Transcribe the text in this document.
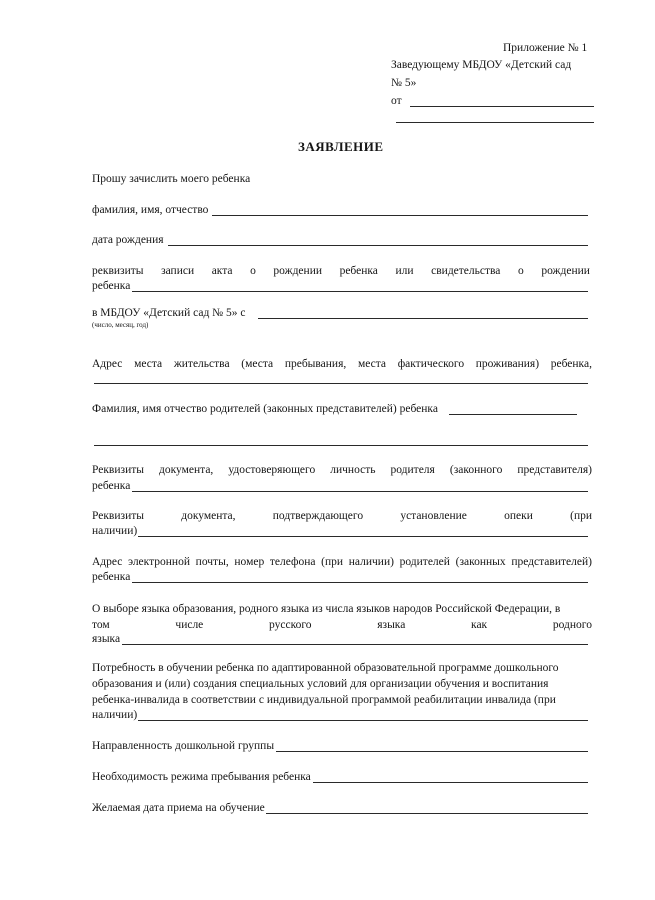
Приложение № 1
Заведующему МБДОУ «Детский сад
№ 5»
от
ЗАЯВЛЕНИЕ
Прошу зачислить моего ребенка
фамилия, имя, отчество
дата рождения
реквизиты записи акта о рождении ребенка или свидетельства о рождении
ребенка
в МБДОУ «Детский сад № 5» с
(число, месяц, год)
Адрес места жительства (места пребывания, места фактического проживания) ребенка,
Фамилия, имя отчество родителей (законных представителей) ребенка
Реквизиты документа, удостоверяющего личность родителя (законного представителя)
ребенка
Реквизиты	документа,	подтверждающего	установление	опеки	(при
наличии)
Адрес электронной почты, номер телефона (при наличии) родителей (законных представителей)
ребенка
О выборе языка образования, родного языка из числа языков народов Российской Федерации, в
том	числе	русского	языка	как	родного
языка
Потребность в обучении ребенка по адаптированной образовательной программе дошкольного
образования и (или) создания специальных условий для организации обучения и воспитания
ребенка-инвалида в соответствии с индивидуальной программой реабилитации инвалида (при
наличии)
Направленность дошкольной группы
Необходимость режима пребывания ребенка
Желаемая дата приема на обучение
